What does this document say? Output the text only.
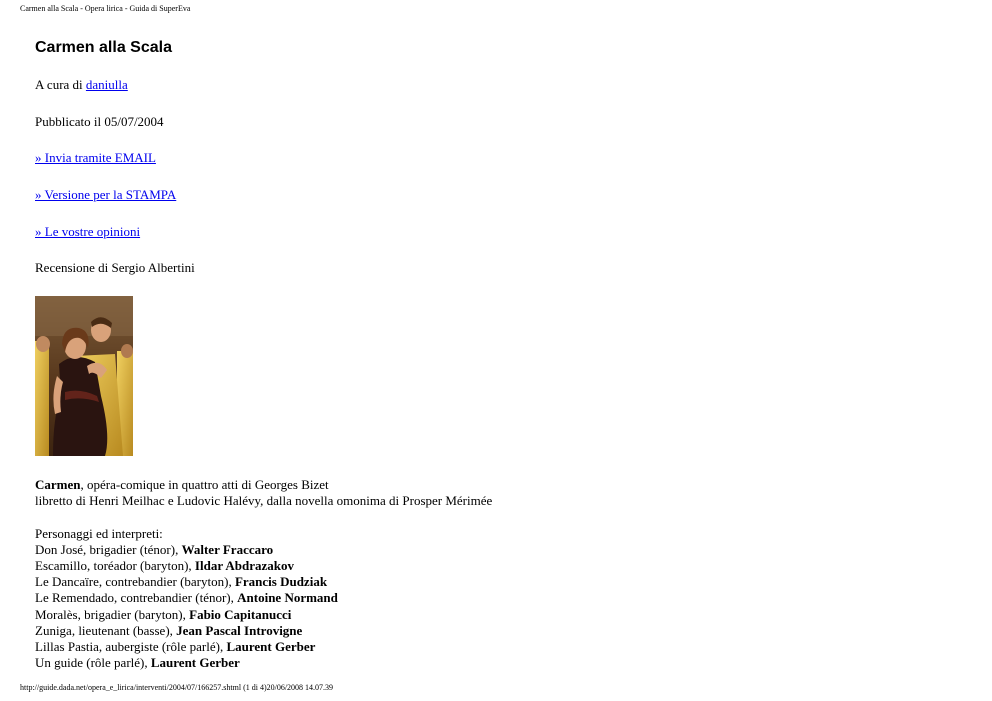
Carmen alla Scala - Opera lirica - Guida di SuperEva
Carmen alla Scala
A cura di daniulla
Pubblicato il 05/07/2004
» Invia tramite EMAIL
» Versione per la STAMPA
» Le vostre opinioni
Recensione di Sergio Albertini
Carmen, opéra-comique in quattro atti di Georges Bizet
libretto di Henri Meilhac e Ludovic Halévy, dalla novella omonima di Prosper Mérimée
Personaggi ed interpreti:
Don José, brigadier (ténor), Walter Fraccaro
Escamillo, toréador (baryton), Ildar Abdrazakov
Le Dancaïre, contrebandier (baryton), Francis Dudziak
Le Remendado, contrebandier (ténor), Antoine Normand
Moralès, brigadier (baryton), Fabio Capitanucci
Zuniga, lieutenant (basse), Jean Pascal Introvigne
Lillas Pastia, aubergiste (rôle parlé), Laurent Gerber
Un guide (rôle parlé), Laurent Gerber
http://guide.dada.net/opera_e_lirica/interventi/2004/07/166257.shtml (1 di 4)20/06/2008 14.07.39
